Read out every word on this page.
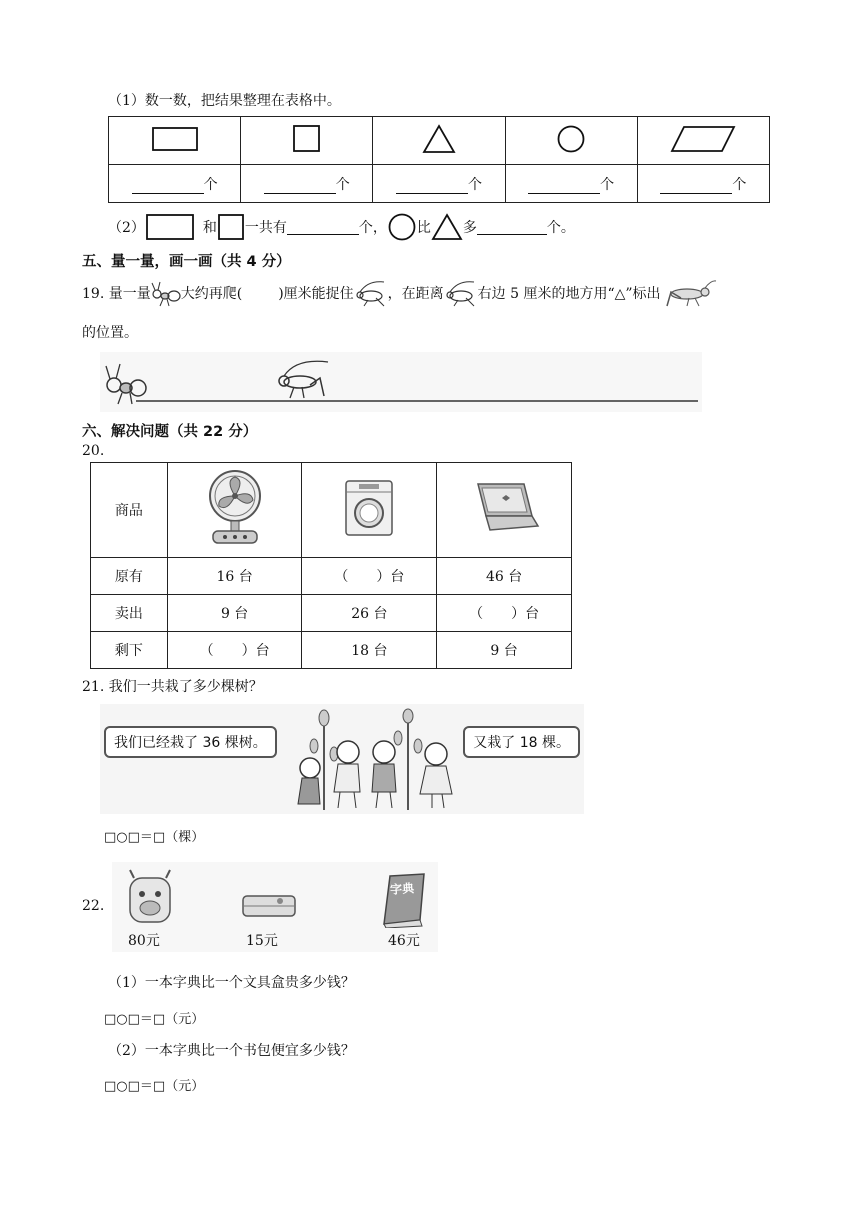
（1）数一数，把结果整理在表格中。

个	个	个	个	个
（2）	和 一共有	个， 比 多	个。
五、量一量，画一画（共 4 分）
19. 量一量 大约再爬(	)厘米能捉住 ，在距离 右边 5 厘米的地方用“△”标出
的位置。
六、解决问题（共 22 分）
20.
商品			
原有	16 台	（　　）台	46 台
卖出	9 台	26 台	（　　）台
剩下	（　　）台	18 台	9 台
21. 我们一共栽了多少棵树？
我们已经栽了 36 棵树。	又栽了 18 棵。
□○□＝□（棵）
22.
80元	15元
字典
46元
（1）一本字典比一个文具盒贵多少钱？
□○□＝□（元）
（2）一本字典比一个书包便宜多少钱？
□○□＝□（元）
